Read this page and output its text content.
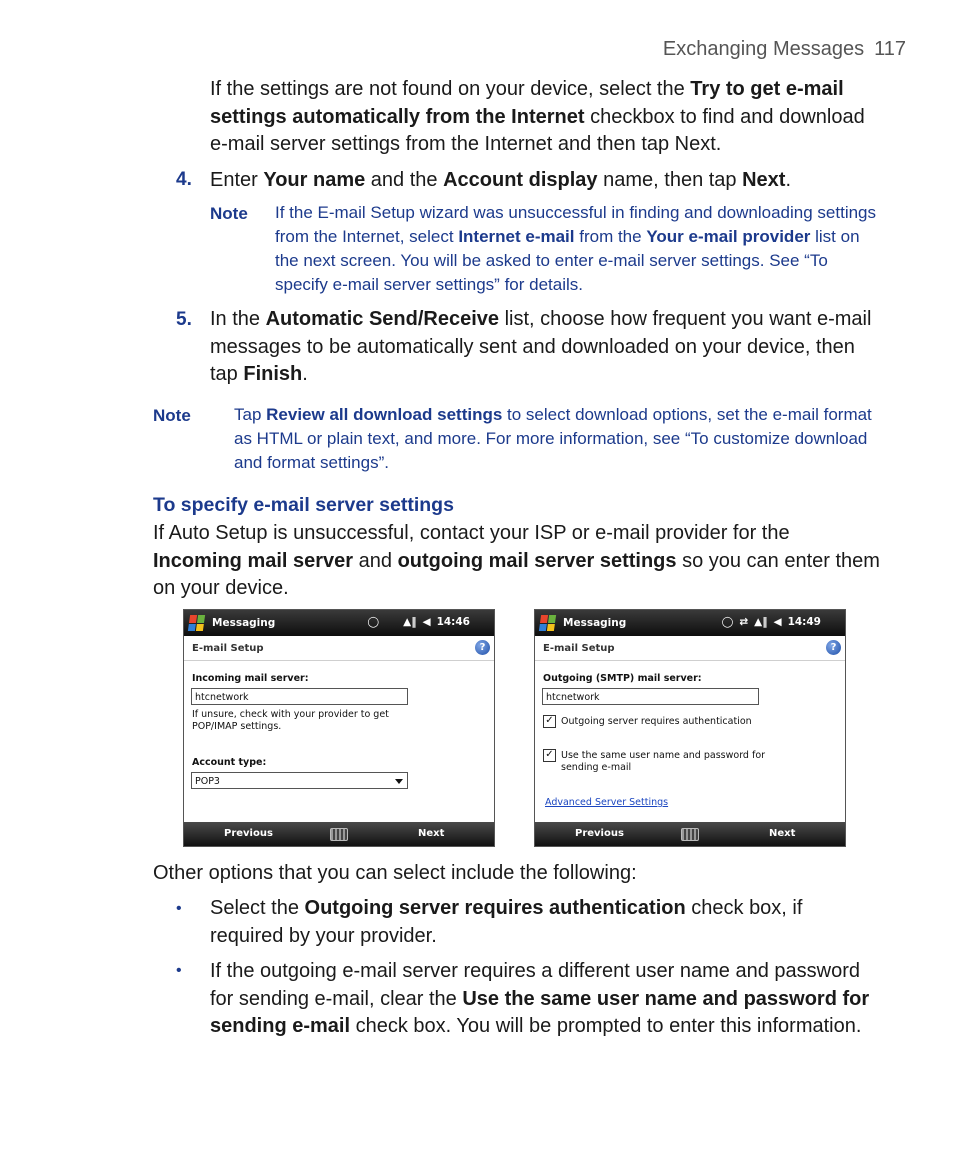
Exchanging Messages 117

If the settings are not found on your device, select the Try to get e-mail settings automatically from the Internet checkbox to find and download e-mail server settings from the Internet and then tap Next.

4. Enter Your name and the Account display name, then tap Next.

Note If the E-mail Setup wizard was unsuccessful in finding and downloading settings from the Internet, select Internet e-mail from the Your e-mail provider list on the next screen. You will be asked to enter e-mail server settings. See “To specify e-mail server settings” for details.

5. In the Automatic Send/Receive list, choose how frequent you want e-mail messages to be automatically sent and downloaded on your device, then tap Finish.

Note	Tap Review all download settings to select download options, set the e-mail format as HTML or plain text, and more. For more information, see “To customize download and format settings”.

To specify e-mail server settings

If Auto Setup is unsuccessful, contact your ISP or e-mail provider for the Incoming mail server and outgoing mail server settings so you can enter them on your device.

Messaging	◯ ▲‖ ◀ 14:46
E-mail Setup	?
Incoming mail server:
htcnetwork
If unsure, check with your provider to get POP/IMAP settings.
Account type:
POP3
Previous	Next
Messaging	◯ ⇄ ▲‖ ◀ 14:49
E-mail Setup	?
Outgoing (SMTP) mail server:
htcnetwork
✓ Outgoing server requires authentication
✓ Use the same user name and password for sending e-mail
Advanced Server Settings
Previous	Next

Other options that you can select include the following:

• Select the Outgoing server requires authentication check box, if required by your provider.

• If the outgoing e-mail server requires a different user name and password for sending e-mail, clear the Use the same user name and password for sending e-mail check box. You will be prompted to enter this information.
